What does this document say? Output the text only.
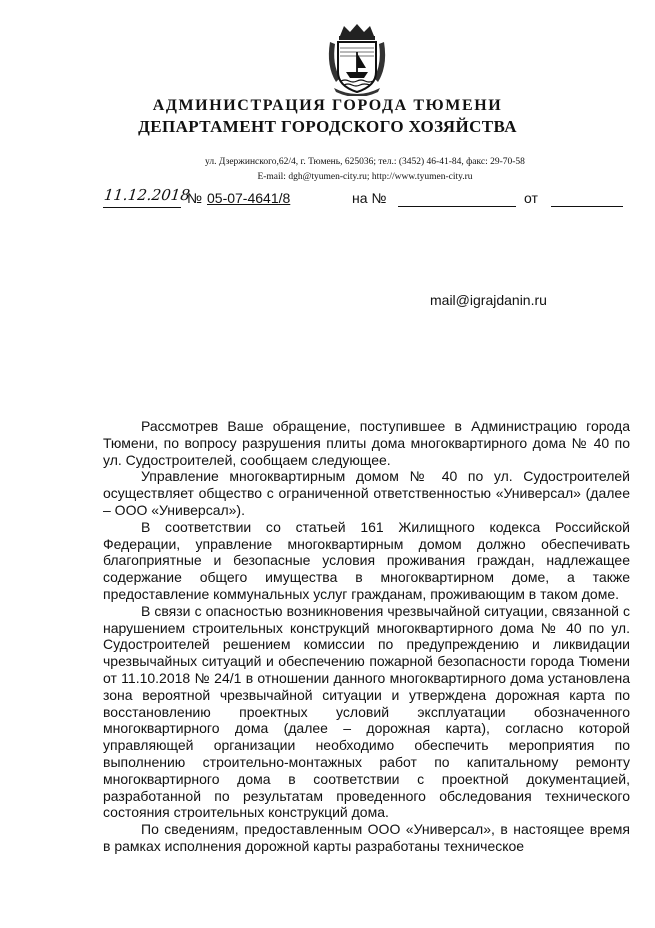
АДМИНИСТРАЦИЯ ГОРОДА ТЮМЕНИ
ДЕПАРТАМЕНТ ГОРОДСКОГО ХОЗЯЙСТВА
ул. Дзержинского,62/4, г. Тюмень, 625036; тел.: (3452) 46-41-84, факс: 29-70-58
E-mail: dgh@tyumen-city.ru; http://www.tyumen-city.ru
11.12.2018
№ 05-07-4641/8	на №	от
mail@igrajdanin.ru

Рассмотрев Ваше обращение, поступившее в Администрацию города Тюмени, по вопросу разрушения плиты дома многоквартирного дома № 40 по ул. Судостроителей, сообщаем следующее.

Управление многоквартирным домом № 40 по ул. Судостроителей осуществляет общество с ограниченной ответственностью «Универсал» (далее – ООО «Универсал»).

В соответствии со статьей 161 Жилищного кодекса Российской Федерации, управление многоквартирным домом должно обеспечивать благоприятные и безопасные условия проживания граждан, надлежащее содержание общего имущества в многоквартирном доме, а также предоставление коммунальных услуг гражданам, проживающим в таком доме.

В связи с опасностью возникновения чрезвычайной ситуации, связанной с нарушением строительных конструкций многоквартирного дома № 40 по ул. Судостроителей решением комиссии по предупреждению и ликвидации чрезвычайных ситуаций и обеспечению пожарной безопасности города Тюмени от 11.10.2018 № 24/1 в отношении данного многоквартирного дома установлена зона вероятной чрезвычайной ситуации и утверждена дорожная карта по восстановлению проектных условий эксплуатации обозначенного многоквартирного дома (далее – дорожная карта), согласно которой управляющей организации необходимо обеспечить мероприятия по выполнению строительно-монтажных работ по капитальному ремонту многоквартирного дома в соответствии с проектной документацией, разработанной по результатам проведенного обследования технического состояния строительных конструкций дома.

По сведениям, предоставленным ООО «Универсал», в настоящее время в рамках исполнения дорожной карты разработаны техническое
